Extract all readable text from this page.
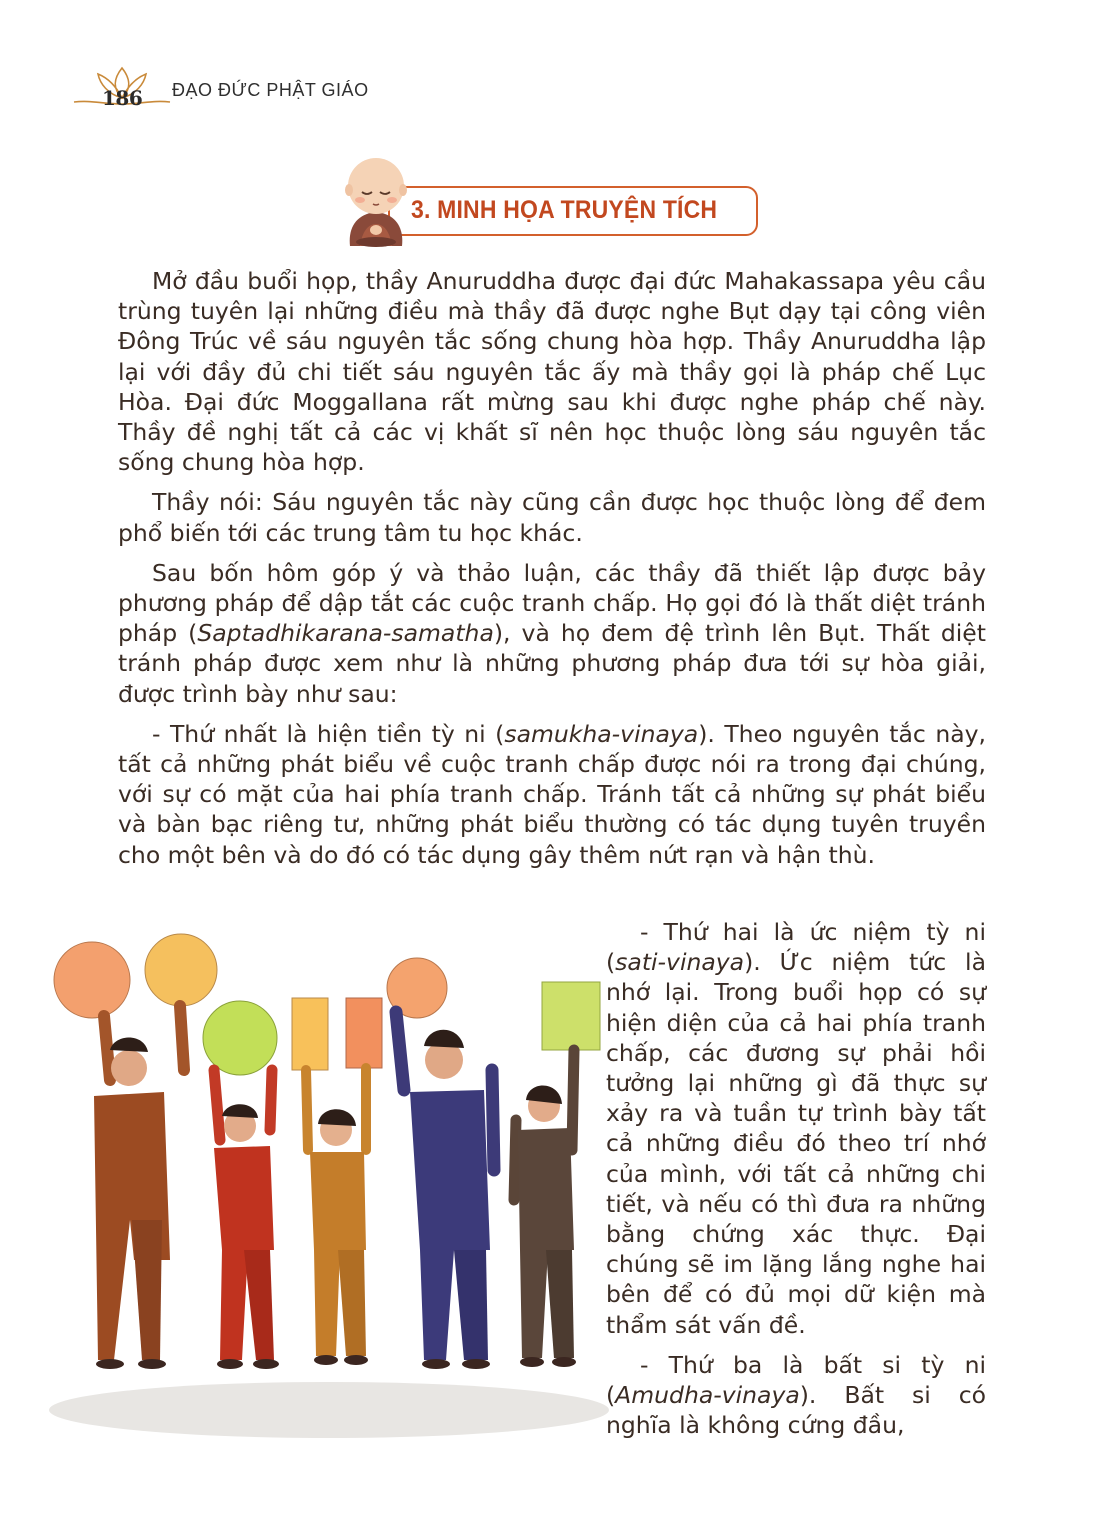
186 ĐẠO ĐỨC PHẬT GIÁO
3. MINH HỌA TRUYỆN TÍCH

Mở đầu buổi họp, thầy Anuruddha được đại đức Mahakassapa yêu cầu trùng tuyên lại những điều mà thầy đã được nghe Bụt dạy tại công viên Đông Trúc về sáu nguyên tắc sống chung hòa hợp. Thầy Anuruddha lập lại với đầy đủ chi tiết sáu nguyên tắc ấy mà thầy gọi là pháp chế Lục Hòa. Đại đức Moggallana rất mừng sau khi được nghe pháp chế này. Thầy đề nghị tất cả các vị khất sĩ nên học thuộc lòng sáu nguyên tắc sống chung hòa hợp.

Thầy nói: Sáu nguyên tắc này cũng cần được học thuộc lòng để đem phổ biến tới các trung tâm tu học khác.

Sau bốn hôm góp ý và thảo luận, các thầy đã thiết lập được bảy phương pháp để dập tắt các cuộc tranh chấp. Họ gọi đó là thất diệt tránh pháp (Saptadhikarana-samatha), và họ đem đệ trình lên Bụt. Thất diệt tránh pháp được xem như là những phương pháp đưa tới sự hòa giải, được trình bày như sau:

- Thứ nhất là hiện tiền tỳ ni (samukha-vinaya). Theo nguyên tắc này, tất cả những phát biểu về cuộc tranh chấp được nói ra trong đại chúng, với sự có mặt của hai phía tranh chấp. Tránh tất cả những sự phát biểu và bàn bạc riêng tư, những phát biểu thường có tác dụng tuyên truyền cho một bên và do đó có tác dụng gây thêm nứt rạn và hận thù.

- Thứ hai là ức niệm tỳ ni (sati-vinaya). Ức niệm tức là nhớ lại. Trong buổi họp có sự hiện diện của cả hai phía tranh chấp, các đương sự phải hồi tưởng lại những gì đã thực sự xảy ra và tuần tự trình bày tất cả những điều đó theo trí nhớ của mình, với tất cả những chi tiết, và nếu có thì đưa ra những bằng chứng xác thực. Đại chúng sẽ im lặng lắng nghe hai bên để có đủ mọi dữ kiện mà thẩm sát vấn đề.

- Thứ ba là bất si tỳ ni (Amudha-vinaya). Bất si có nghĩa là không cứng đầu,
